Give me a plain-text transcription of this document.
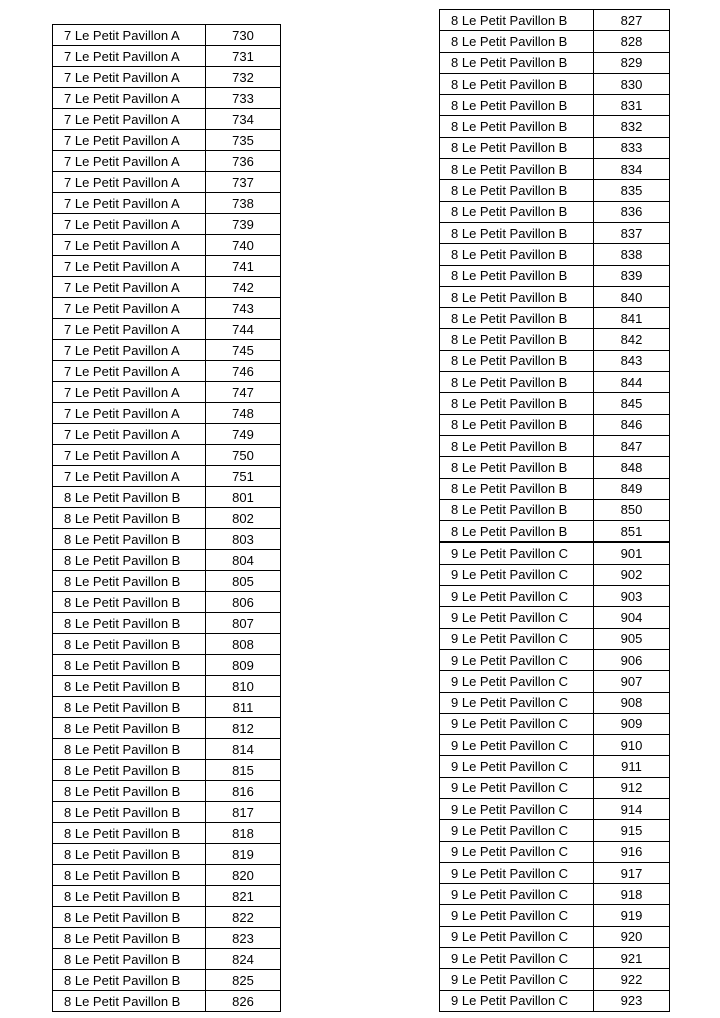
7 Le Petit Pavillon A	730
7 Le Petit Pavillon A	731
7 Le Petit Pavillon A	732
7 Le Petit Pavillon A	733
7 Le Petit Pavillon A	734
7 Le Petit Pavillon A	735
7 Le Petit Pavillon A	736
7 Le Petit Pavillon A	737
7 Le Petit Pavillon A	738
7 Le Petit Pavillon A	739
7 Le Petit Pavillon A	740
7 Le Petit Pavillon A	741
7 Le Petit Pavillon A	742
7 Le Petit Pavillon A	743
7 Le Petit Pavillon A	744
7 Le Petit Pavillon A	745
7 Le Petit Pavillon A	746
7 Le Petit Pavillon A	747
7 Le Petit Pavillon A	748
7 Le Petit Pavillon A	749
7 Le Petit Pavillon A	750
7 Le Petit Pavillon A	751
8 Le Petit Pavillon B	801
8 Le Petit Pavillon B	802
8 Le Petit Pavillon B	803
8 Le Petit Pavillon B	804
8 Le Petit Pavillon B	805
8 Le Petit Pavillon B	806
8 Le Petit Pavillon B	807
8 Le Petit Pavillon B	808
8 Le Petit Pavillon B	809
8 Le Petit Pavillon B	810
8 Le Petit Pavillon B	811
8 Le Petit Pavillon B	812
8 Le Petit Pavillon B	814
8 Le Petit Pavillon B	815
8 Le Petit Pavillon B	816
8 Le Petit Pavillon B	817
8 Le Petit Pavillon B	818
8 Le Petit Pavillon B	819
8 Le Petit Pavillon B	820
8 Le Petit Pavillon B	821
8 Le Petit Pavillon B	822
8 Le Petit Pavillon B	823
8 Le Petit Pavillon B	824
8 Le Petit Pavillon B	825
8 Le Petit Pavillon B	826
8 Le Petit Pavillon B	827
8 Le Petit Pavillon B	828
8 Le Petit Pavillon B	829
8 Le Petit Pavillon B	830
8 Le Petit Pavillon B	831
8 Le Petit Pavillon B	832
8 Le Petit Pavillon B	833
8 Le Petit Pavillon B	834
8 Le Petit Pavillon B	835
8 Le Petit Pavillon B	836
8 Le Petit Pavillon B	837
8 Le Petit Pavillon B	838
8 Le Petit Pavillon B	839
8 Le Petit Pavillon B	840
8 Le Petit Pavillon B	841
8 Le Petit Pavillon B	842
8 Le Petit Pavillon B	843
8 Le Petit Pavillon B	844
8 Le Petit Pavillon B	845
8 Le Petit Pavillon B	846
8 Le Petit Pavillon B	847
8 Le Petit Pavillon B	848
8 Le Petit Pavillon B	849
8 Le Petit Pavillon B	850
8 Le Petit Pavillon B	851
9 Le Petit Pavillon C	901
9 Le Petit Pavillon C	902
9 Le Petit Pavillon C	903
9 Le Petit Pavillon C	904
9 Le Petit Pavillon C	905
9 Le Petit Pavillon C	906
9 Le Petit Pavillon C	907
9 Le Petit Pavillon C	908
9 Le Petit Pavillon C	909
9 Le Petit Pavillon C	910
9 Le Petit Pavillon C	911
9 Le Petit Pavillon C	912
9 Le Petit Pavillon C	914
9 Le Petit Pavillon C	915
9 Le Petit Pavillon C	916
9 Le Petit Pavillon C	917
9 Le Petit Pavillon C	918
9 Le Petit Pavillon C	919
9 Le Petit Pavillon C	920
9 Le Petit Pavillon C	921
9 Le Petit Pavillon C	922
9 Le Petit Pavillon C	923
